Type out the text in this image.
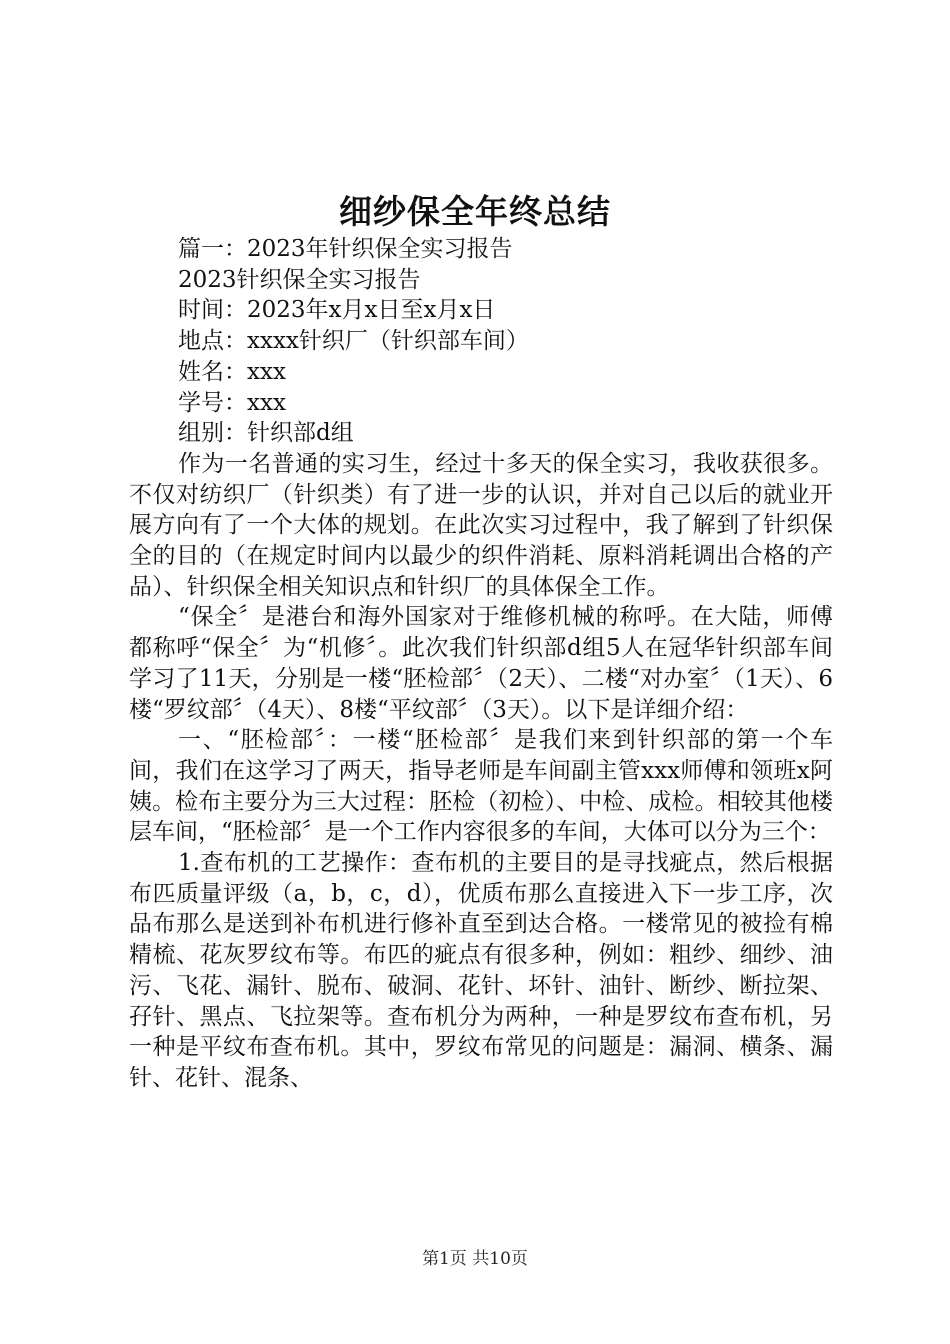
细纱保全年终总结

篇一：2023年针织保全实习报告

2023针织保全实习报告

时间：2023年x月x日至x月x日

地点：xxxx针织厂（针织部车间）

姓名：xxx

学号：xxx

组别：针织部d组

作为一名普通的实习生，经过十多天的保全实习，我收获很多。不仅对纺织厂（针织类）有了进一步的认识，并对自己以后的就业开展方向有了一个大体的规划。在此次实习过程中，我了解到了针织保全的目的（在规定时间内以最少的织件消耗、原料消耗调出合格的产品）、针织保全相关知识点和针织厂的具体保全工作。

“保全〞是港台和海外国家对于维修机械的称呼。在大陆，师傅都称呼“保全〞为“机修〞。此次我们针织部d组5人在冠华针织部车间学习了11天，分别是一楼“胚检部〞（2天）、二楼“对办室〞（1天）、6楼“罗纹部〞（4天）、8楼“平纹部〞（3天）。以下是详细介绍：

一、“胚检部〞：一楼“胚检部〞是我们来到针织部的第一个车间，我们在这学习了两天，指导老师是车间副主管xxx师傅和领班x阿姨。检布主要分为三大过程：胚检（初检）、中检、成检。相较其他楼层车间，“胚检部〞是一个工作内容很多的车间，大体可以分为三个：

1.查布机的工艺操作：查布机的主要目的是寻找疵点，然后根据布匹质量评级（a，b，c，d），优质布那么直接进入下一步工序，次品布那么是送到补布机进行修补直至到达合格。一楼常见的被捡有棉精梳、花灰罗纹布等。布匹的疵点有很多种，例如：粗纱、细纱、油污、飞花、漏针、脱布、破洞、花针、坏针、油针、断纱、断拉架、孖针、黑点、飞拉架等。查布机分为两种，一种是罗纹布查布机，另一种是平纹布查布机。其中，罗纹布常见的问题是：漏洞、横条、漏针、花针、混条、

第1页 共10页
